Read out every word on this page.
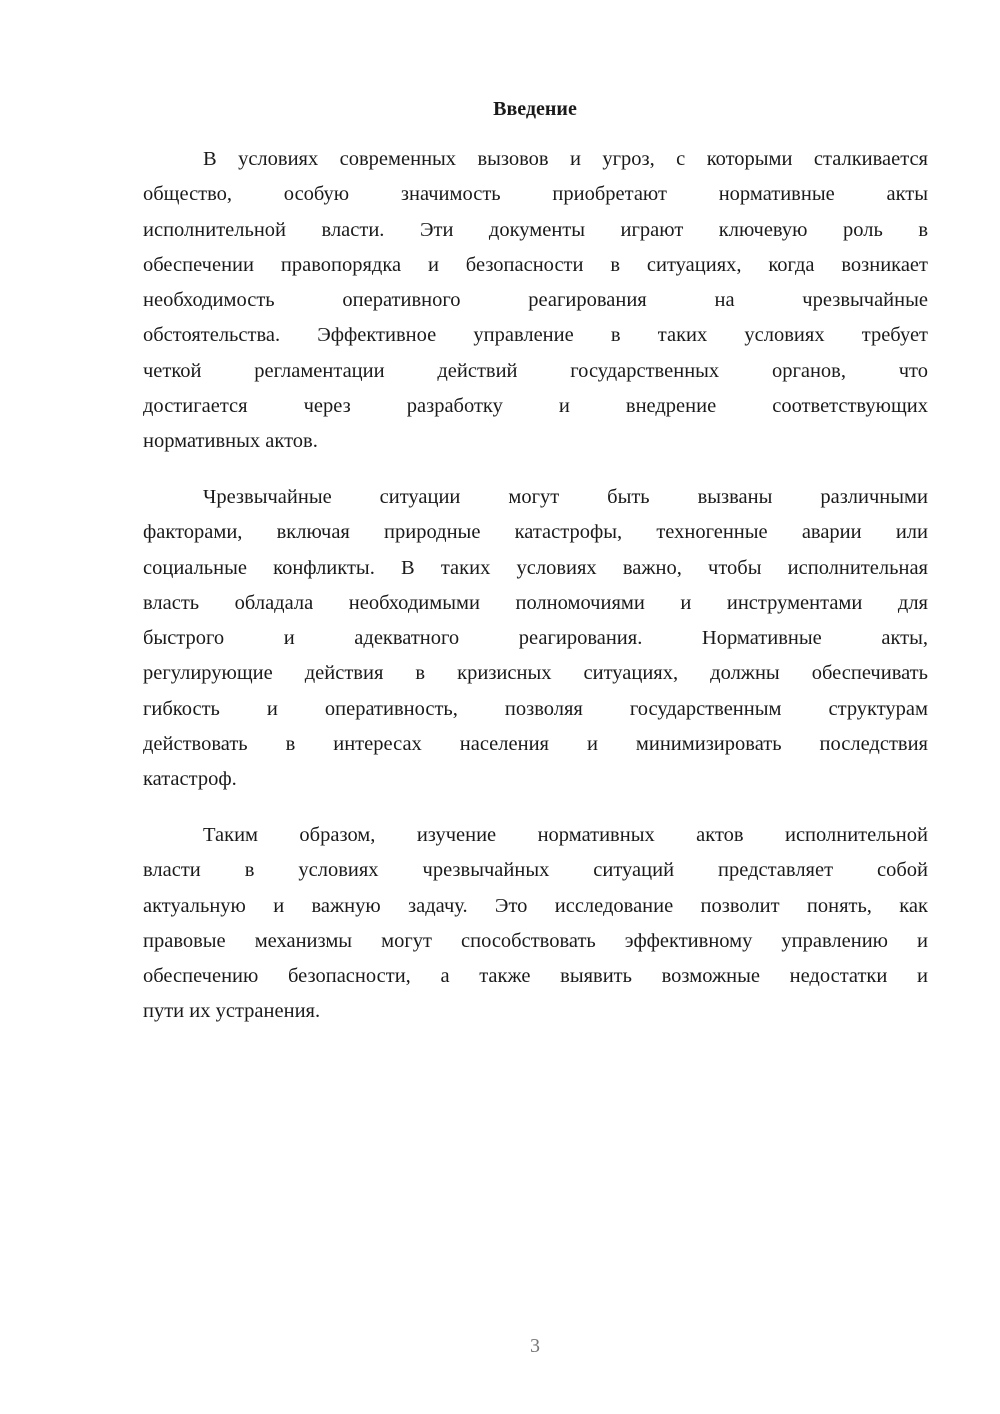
Введение
В условиях современных вызовов и угроз, с которыми сталкивается
общество, особую значимость приобретают нормативные акты
исполнительной власти. Эти документы играют ключевую роль в
обеспечении правопорядка и безопасности в ситуациях, когда возникает
необходимость оперативного реагирования на чрезвычайные
обстоятельства. Эффективное управление в таких условиях требует
четкой регламентации действий государственных органов, что
достигается через разработку и внедрение соответствующих
нормативных актов.
Чрезвычайные ситуации могут быть вызваны различными
факторами, включая природные катастрофы, техногенные аварии или
социальные конфликты. В таких условиях важно, чтобы исполнительная
власть обладала необходимыми полномочиями и инструментами для
быстрого и адекватного реагирования. Нормативные акты,
регулирующие действия в кризисных ситуациях, должны обеспечивать
гибкость и оперативность, позволяя государственным структурам
действовать в интересах населения и минимизировать последствия
катастроф.
Таким образом, изучение нормативных актов исполнительной
власти в условиях чрезвычайных ситуаций представляет собой
актуальную и важную задачу. Это исследование позволит понять, как
правовые механизмы могут способствовать эффективному управлению и
обеспечению безопасности, а также выявить возможные недостатки и
пути их устранения.
3
